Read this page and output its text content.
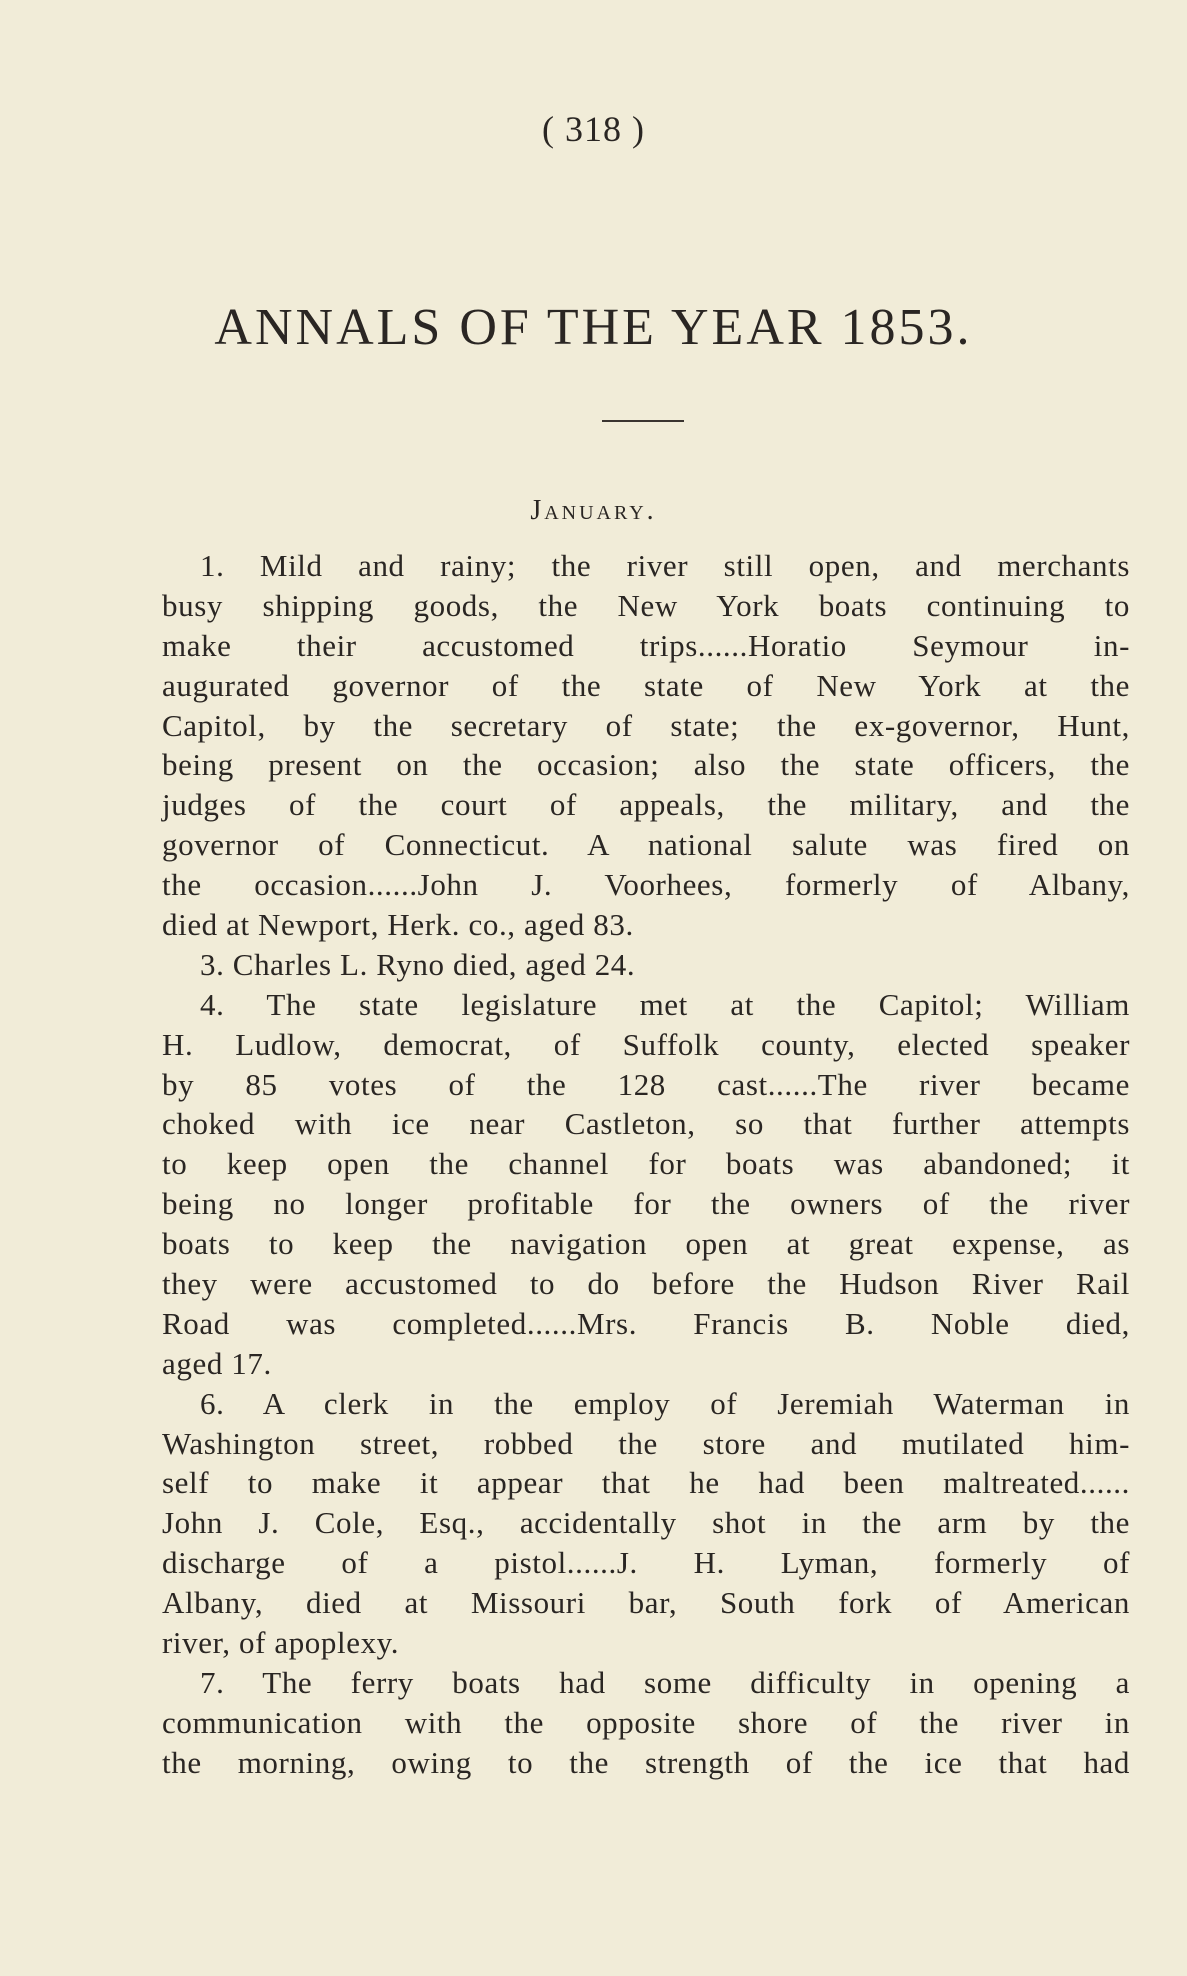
( 318 )
ANNALS OF THE YEAR 1853.
January.
1. Mild and rainy; the river still open, and merchants
busy shipping goods, the New York boats continuing to
make their accustomed trips......Horatio Seymour in-
augurated governor of the state of New York at the
Capitol, by the secretary of state; the ex-governor, Hunt,
being present on the occasion; also the state officers, the
judges of the court of appeals, the military, and the
governor of Connecticut. A national salute was fired on
the occasion......John J. Voorhees, formerly of Albany,
died at Newport, Herk. co., aged 83.
3. Charles L. Ryno died, aged 24.
4. The state legislature met at the Capitol; William
H. Ludlow, democrat, of Suffolk county, elected speaker
by 85 votes of the 128 cast......The river became
choked with ice near Castleton, so that further attempts
to keep open the channel for boats was abandoned; it
being no longer profitable for the owners of the river
boats to keep the navigation open at great expense, as
they were accustomed to do before the Hudson River Rail
Road was completed......Mrs. Francis B. Noble died,
aged 17.
6. A clerk in the employ of Jeremiah Waterman in
Washington street, robbed the store and mutilated him-
self to make it appear that he had been maltreated......
John J. Cole, Esq., accidentally shot in the arm by the
discharge of a pistol......J. H. Lyman, formerly of
Albany, died at Missouri bar, South fork of American
river, of apoplexy.
7. The ferry boats had some difficulty in opening a
communication with the opposite shore of the river in
the morning, owing to the strength of the ice that had
